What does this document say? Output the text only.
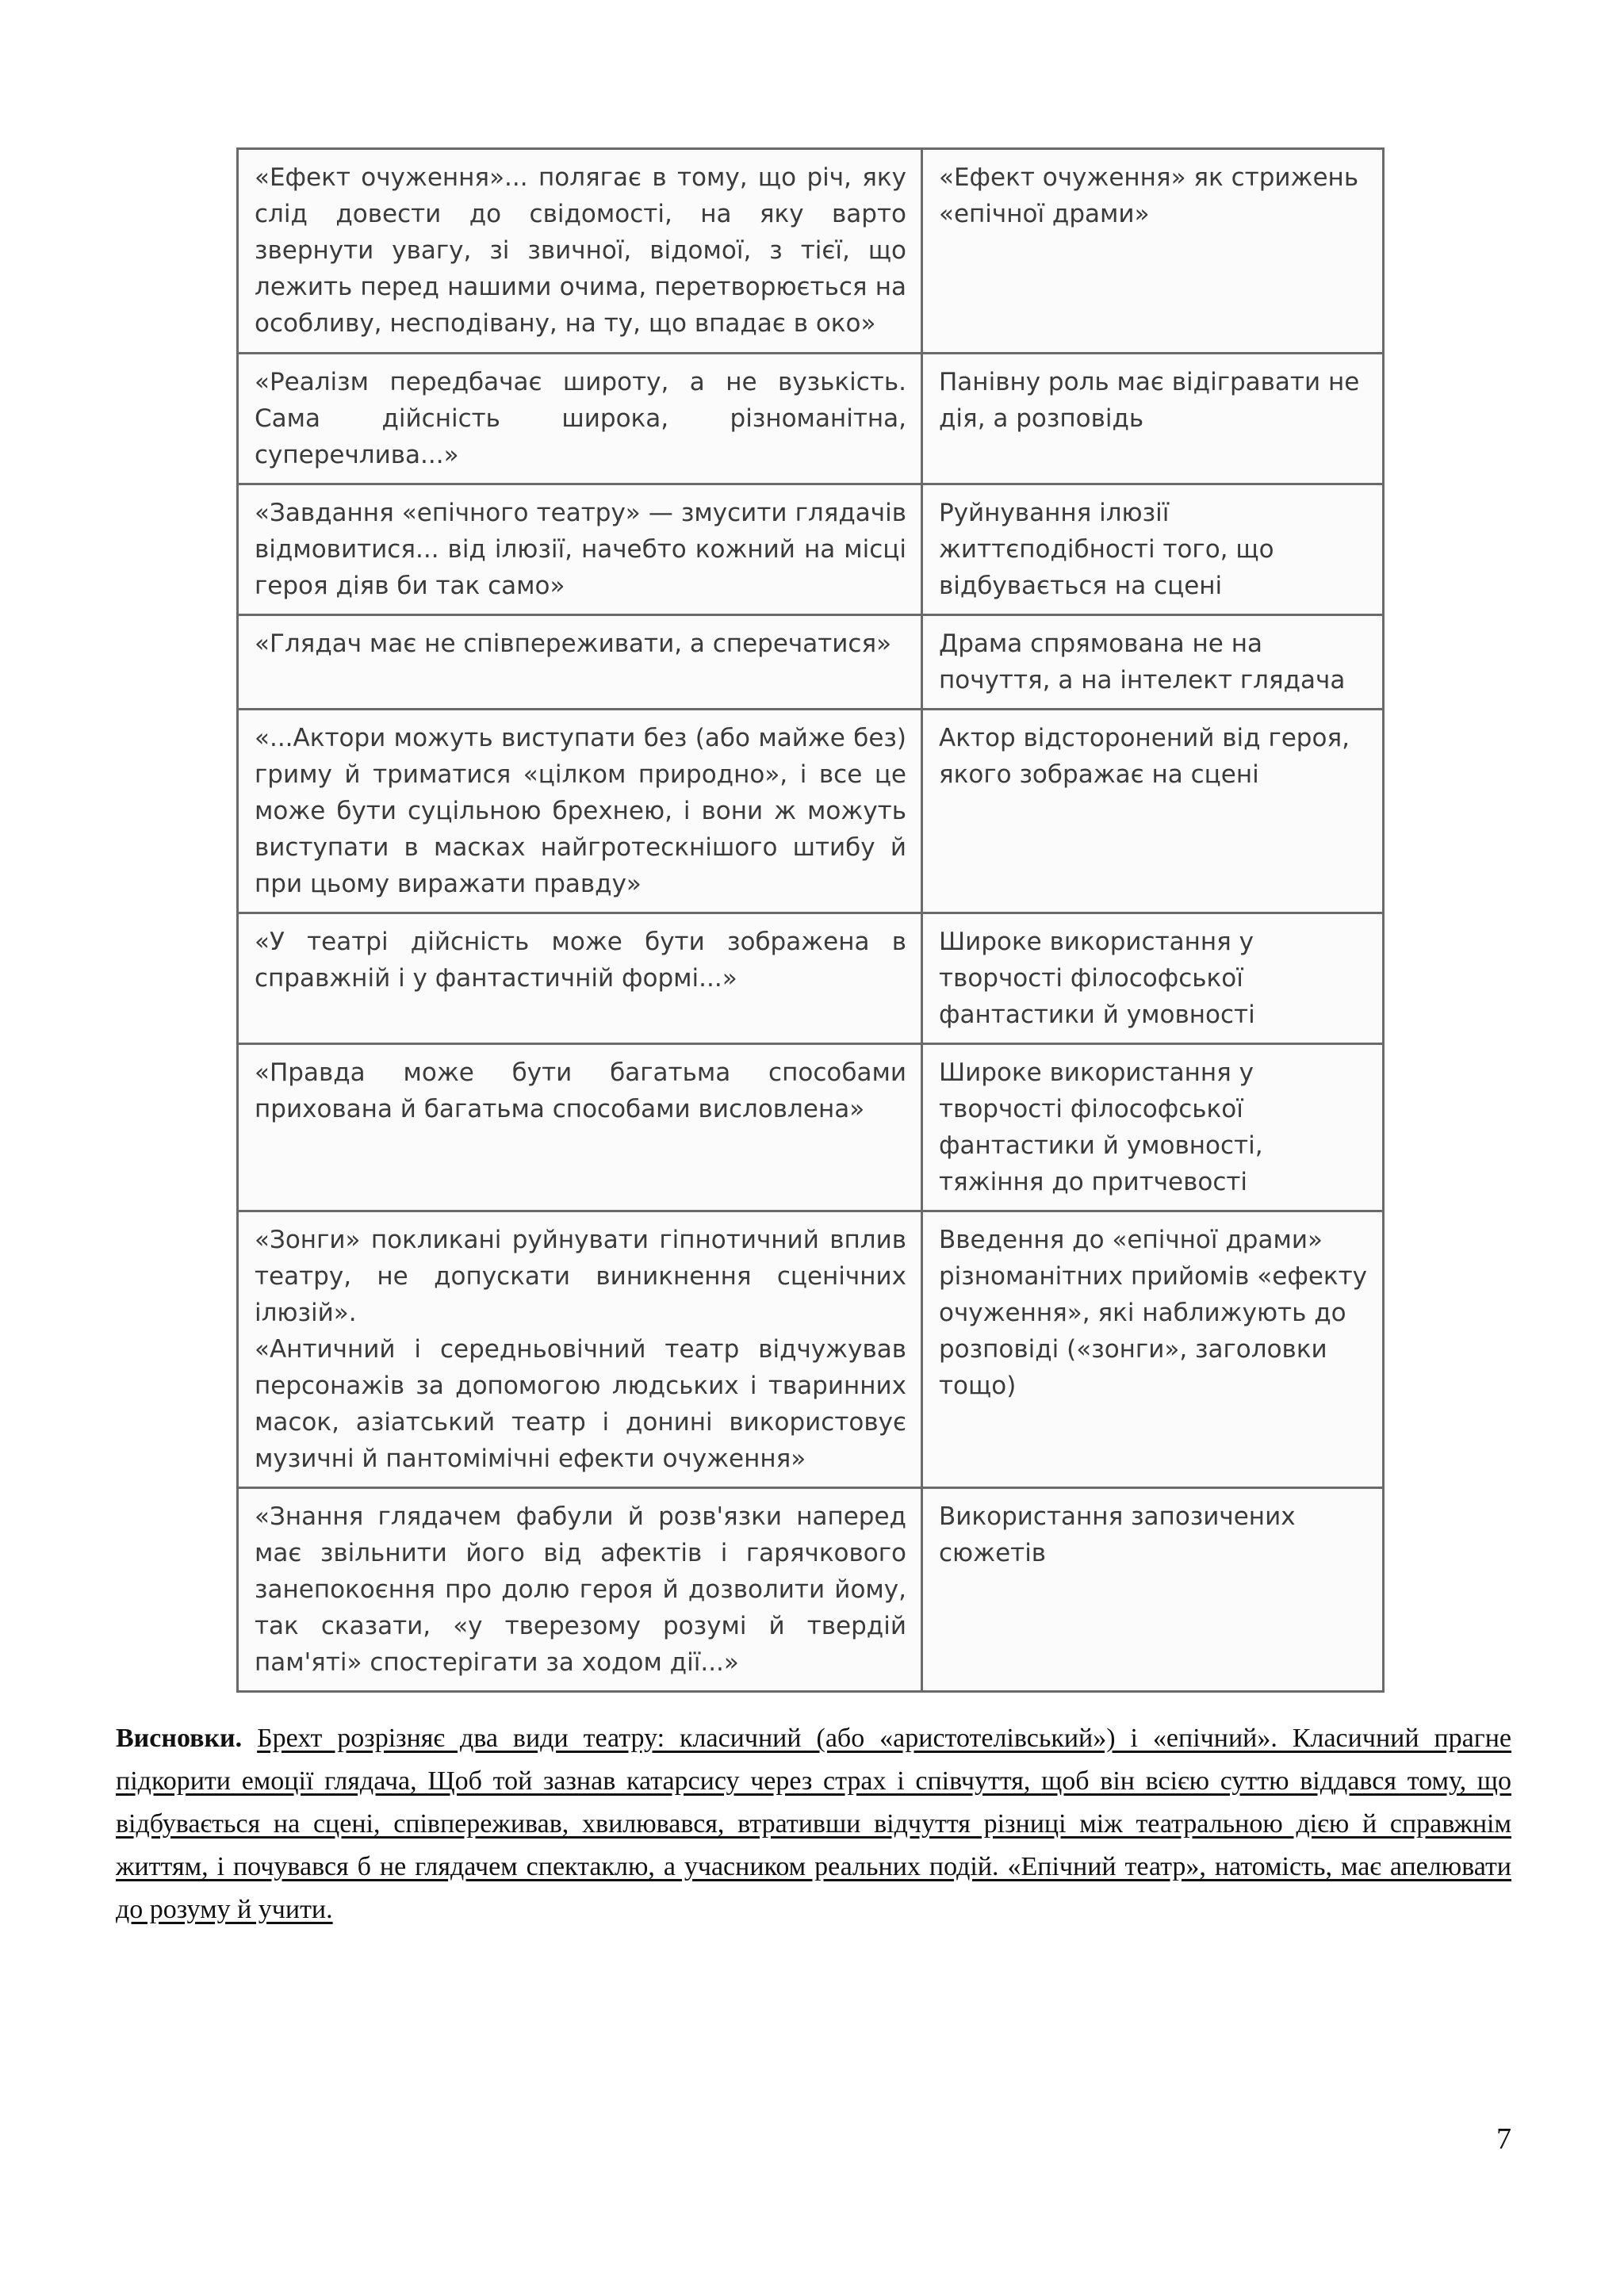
«Ефект очуження»... полягає в тому, що річ, яку слід довести до свідомості, на яку варто звернути увагу, зі звичної, відомої, з тієї, що лежить перед нашими очима, перетворюється на особливу, несподівану, на ту, що впадає в око»	«Ефект очуження» як стрижень «епічної драми»
«Реалізм передбачає широту, а не вузькість. Сама дійсність широка, різноманітна, суперечлива...»	Панівну роль має відігравати не дія, а розповідь
«Завдання «епічного театру» — змусити глядачів відмовитися... від ілюзії, начебто кожний на місці героя діяв би так само»	Руйнування ілюзії життєподібності того, що відбувається на сцені
«Глядач має не співпереживати, а сперечатися»	Драма спрямована не на почуття, а на інтелект глядача
«...Актори можуть виступати без (або майже без) гриму й триматися «цілком природно», і все це може бути суцільною брехнею, і вони ж можуть виступати в масках найгротескнішого штибу й при цьому виражати правду»	Актор відсторонений від героя, якого зображає на сцені
«У театрі дійсність може бути зображена в справжній і у фантастичній формі...»	Широке використання у творчості філософської фантастики й умовності
«Правда може бути багатьма способами прихована й багатьма способами висловлена»	Широке використання у творчості філософської фантастики й умовності, тяжіння до притчевості
«Зонги» покликані руйнувати гіпнотичний вплив театру, не допускати виникнення сценічних ілюзій».
«Античний і середньовічний театр відчужував персонажів за допомогою людських і тваринних масок, азіатський театр і донині використовує музичні й пантомімічні ефекти очуження»	Введення до «епічної драми» різноманітних прийомів «ефекту очуження», які наближують до розповіді («зонги», заголовки тощо)
«Знання глядачем фабули й розв'язки наперед має звільнити його від афектів і гарячкового занепокоєння про долю героя й дозволити йому, так сказати, «у тверезому розумі й твердій пам'яті» спостерігати за ходом дії...»	Використання запозичених сюжетів

Висновки. Брехт розрізняє два види театру: класичний (або «аристотелівський») і «епічний». Класичний прагне підкорити емоції глядача, Щоб той зазнав катарсису через страх і співчуття, щоб він всією суттю віддався тому, що відбувається на сцені, співпереживав, хвилювався, втративши відчуття різниці між театральною дією й справжнім життям, і почувався б не глядачем спектаклю, а учасником реальних подій. «Епічний театр», натомість, має апелювати до розуму й учити.

7
